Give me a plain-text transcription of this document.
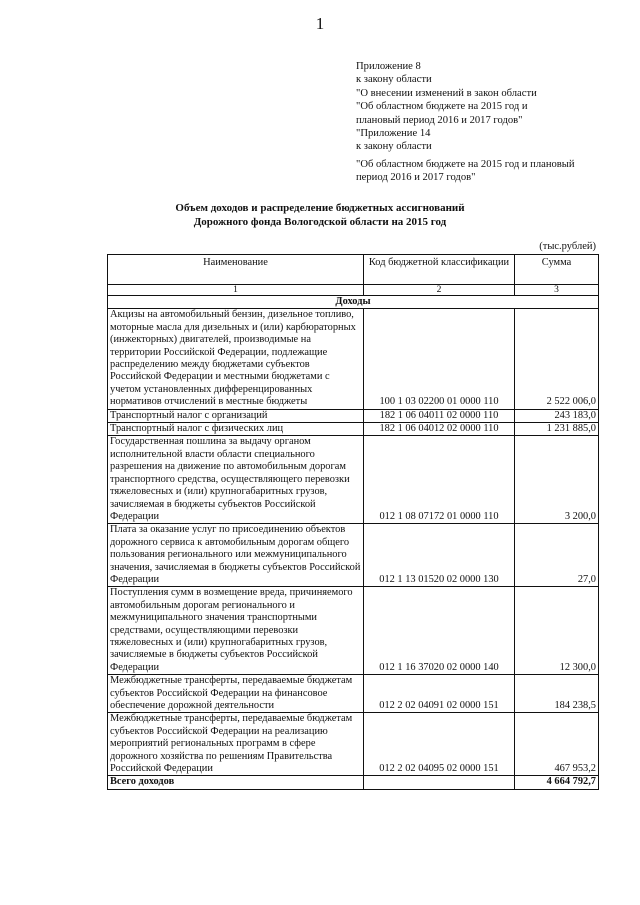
1
Приложение 8
к закону области
"О внесении изменений в закон области
"Об областном бюджете на 2015 год и
плановый период 2016 и 2017 годов"
"Приложение 14
к закону области
"Об областном бюджете на 2015 год и плановый
период 2016 и 2017 годов"
Объем доходов и распределение бюджетных ассигнований
Дорожного фонда Вологодской области на 2015 год
(тыс.рублей)
Наименование	Код бюджетной классификации	Сумма
1	2	3
Доходы		
Акцизы на автомобильный бензин, дизельное топливо, моторные масла для дизельных и (или) карбюраторных (инжекторных) двигателей, производимые на территории Российской Федерации, подлежащие распределению между бюджетами субъектов Российской Федерации и местными бюджетами с учетом установленных дифференцированных нормативов отчислений в местные бюджеты	100 1 03 02200 01 0000 110	2 522 006,0
Транспортный налог с организаций	182 1 06 04011 02 0000 110	243 183,0
Транспортный налог с физических лиц	182 1 06 04012 02 0000 110	1 231 885,0
Государственная пошлина за выдачу органом исполнительной власти области специального разрешения на движение по автомобильным дорогам транспортного средства, осуществляющего перевозки тяжеловесных и (или) крупногабаритных грузов, зачисляемая в бюджеты субъектов Российской Федерации	012 1 08 07172 01 0000 110	3 200,0
Плата за оказание услуг по присоединению объектов дорожного сервиса к автомобильным дорогам общего пользования регионального или межмуниципального значения, зачисляемая в бюджеты субъектов Российской Федерации	012 1 13 01520 02 0000 130	27,0
Поступления сумм в возмещение вреда, причиняемого автомобильным дорогам регионального и межмуниципального значения транспортными средствами, осуществляющими перевозки тяжеловесных и (или) крупногабаритных грузов, зачисляемые в бюджеты субъектов Российской Федерации	012 1 16 37020 02 0000 140	12 300,0
Межбюджетные трансферты, передаваемые бюджетам субъектов Российской Федерации на финансовое обеспечение дорожной деятельности	012 2 02 04091 02 0000 151	184 238,5
Межбюджетные трансферты, передаваемые бюджетам субъектов Российской Федерации на реализацию мероприятий региональных программ в сфере дорожного хозяйства по решениям Правительства Российской Федерации	012 2 02 04095 02 0000 151	467 953,2
Всего доходов		4 664 792,7
